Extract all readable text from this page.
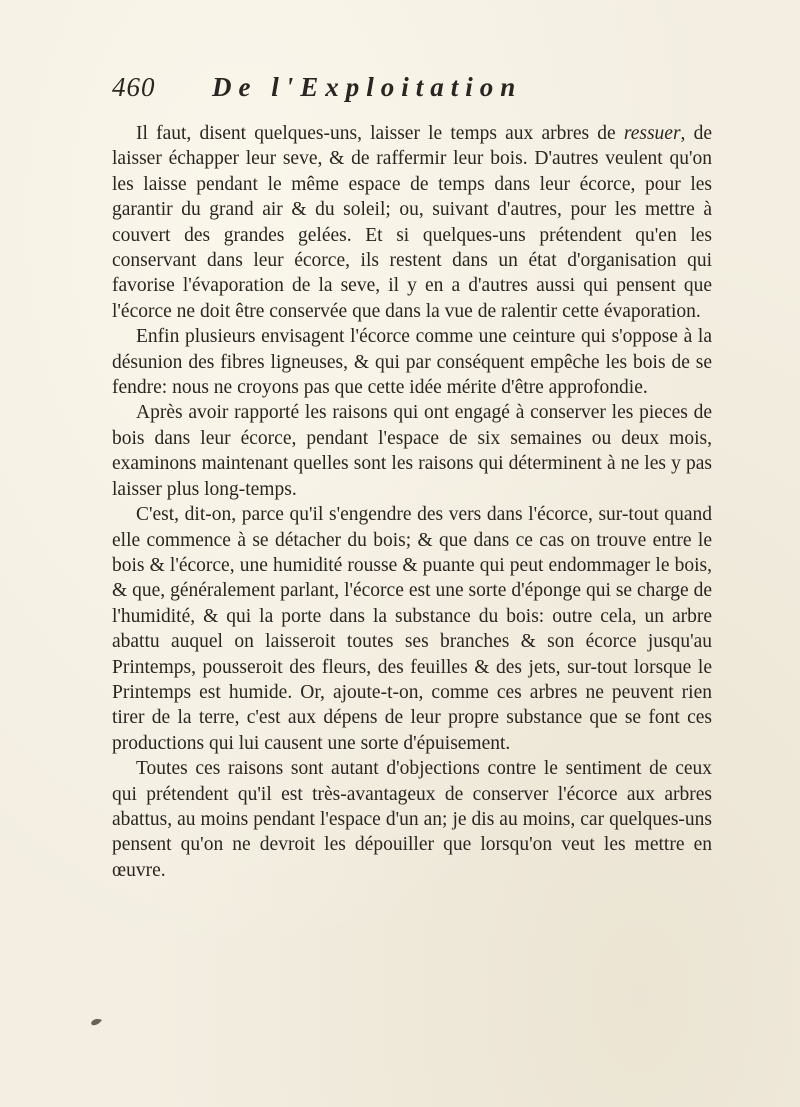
460 De l'Exploitation

Il faut, disent quelques-uns, laisser le temps aux arbres de ressuer, de laisser échapper leur seve, & de raffermir leur bois. D'autres veulent qu'on les laisse pendant le même espace de temps dans leur écorce, pour les garantir du grand air & du soleil; ou, suivant d'autres, pour les mettre à couvert des grandes gelées. Et si quelques-uns prétendent qu'en les conservant dans leur écorce, ils restent dans un état d'organisation qui favorise l'évaporation de la seve, il y en a d'autres aussi qui pensent que l'écorce ne doit être conservée que dans la vue de ralentir cette évaporation.

Enfin plusieurs envisagent l'écorce comme une ceinture qui s'oppose à la désunion des fibres ligneuses, & qui par conséquent empêche les bois de se fendre: nous ne croyons pas que cette idée mérite d'être approfondie.

Après avoir rapporté les raisons qui ont engagé à conserver les pieces de bois dans leur écorce, pendant l'espace de six semaines ou deux mois, examinons maintenant quelles sont les raisons qui déterminent à ne les y pas laisser plus long-temps.

C'est, dit-on, parce qu'il s'engendre des vers dans l'écorce, sur-tout quand elle commence à se détacher du bois; & que dans ce cas on trouve entre le bois & l'écorce, une humidité rousse & puante qui peut endommager le bois, & que, généralement parlant, l'écorce est une sorte d'éponge qui se charge de l'humidité, & qui la porte dans la substance du bois: outre cela, un arbre abattu auquel on laisseroit toutes ses branches & son écorce jusqu'au Printemps, pousseroit des fleurs, des feuilles & des jets, sur-tout lorsque le Printemps est humide. Or, ajoute-t-on, comme ces arbres ne peuvent rien tirer de la terre, c'est aux dépens de leur propre substance que se font ces productions qui lui causent une sorte d'épuisement.

Toutes ces raisons sont autant d'objections contre le sentiment de ceux qui prétendent qu'il est très-avantageux de conserver l'écorce aux arbres abattus, au moins pendant l'espace d'un an; je dis au moins, car quelques-uns pensent qu'on ne devroit les dépouiller que lorsqu'on veut les mettre en œuvre.
